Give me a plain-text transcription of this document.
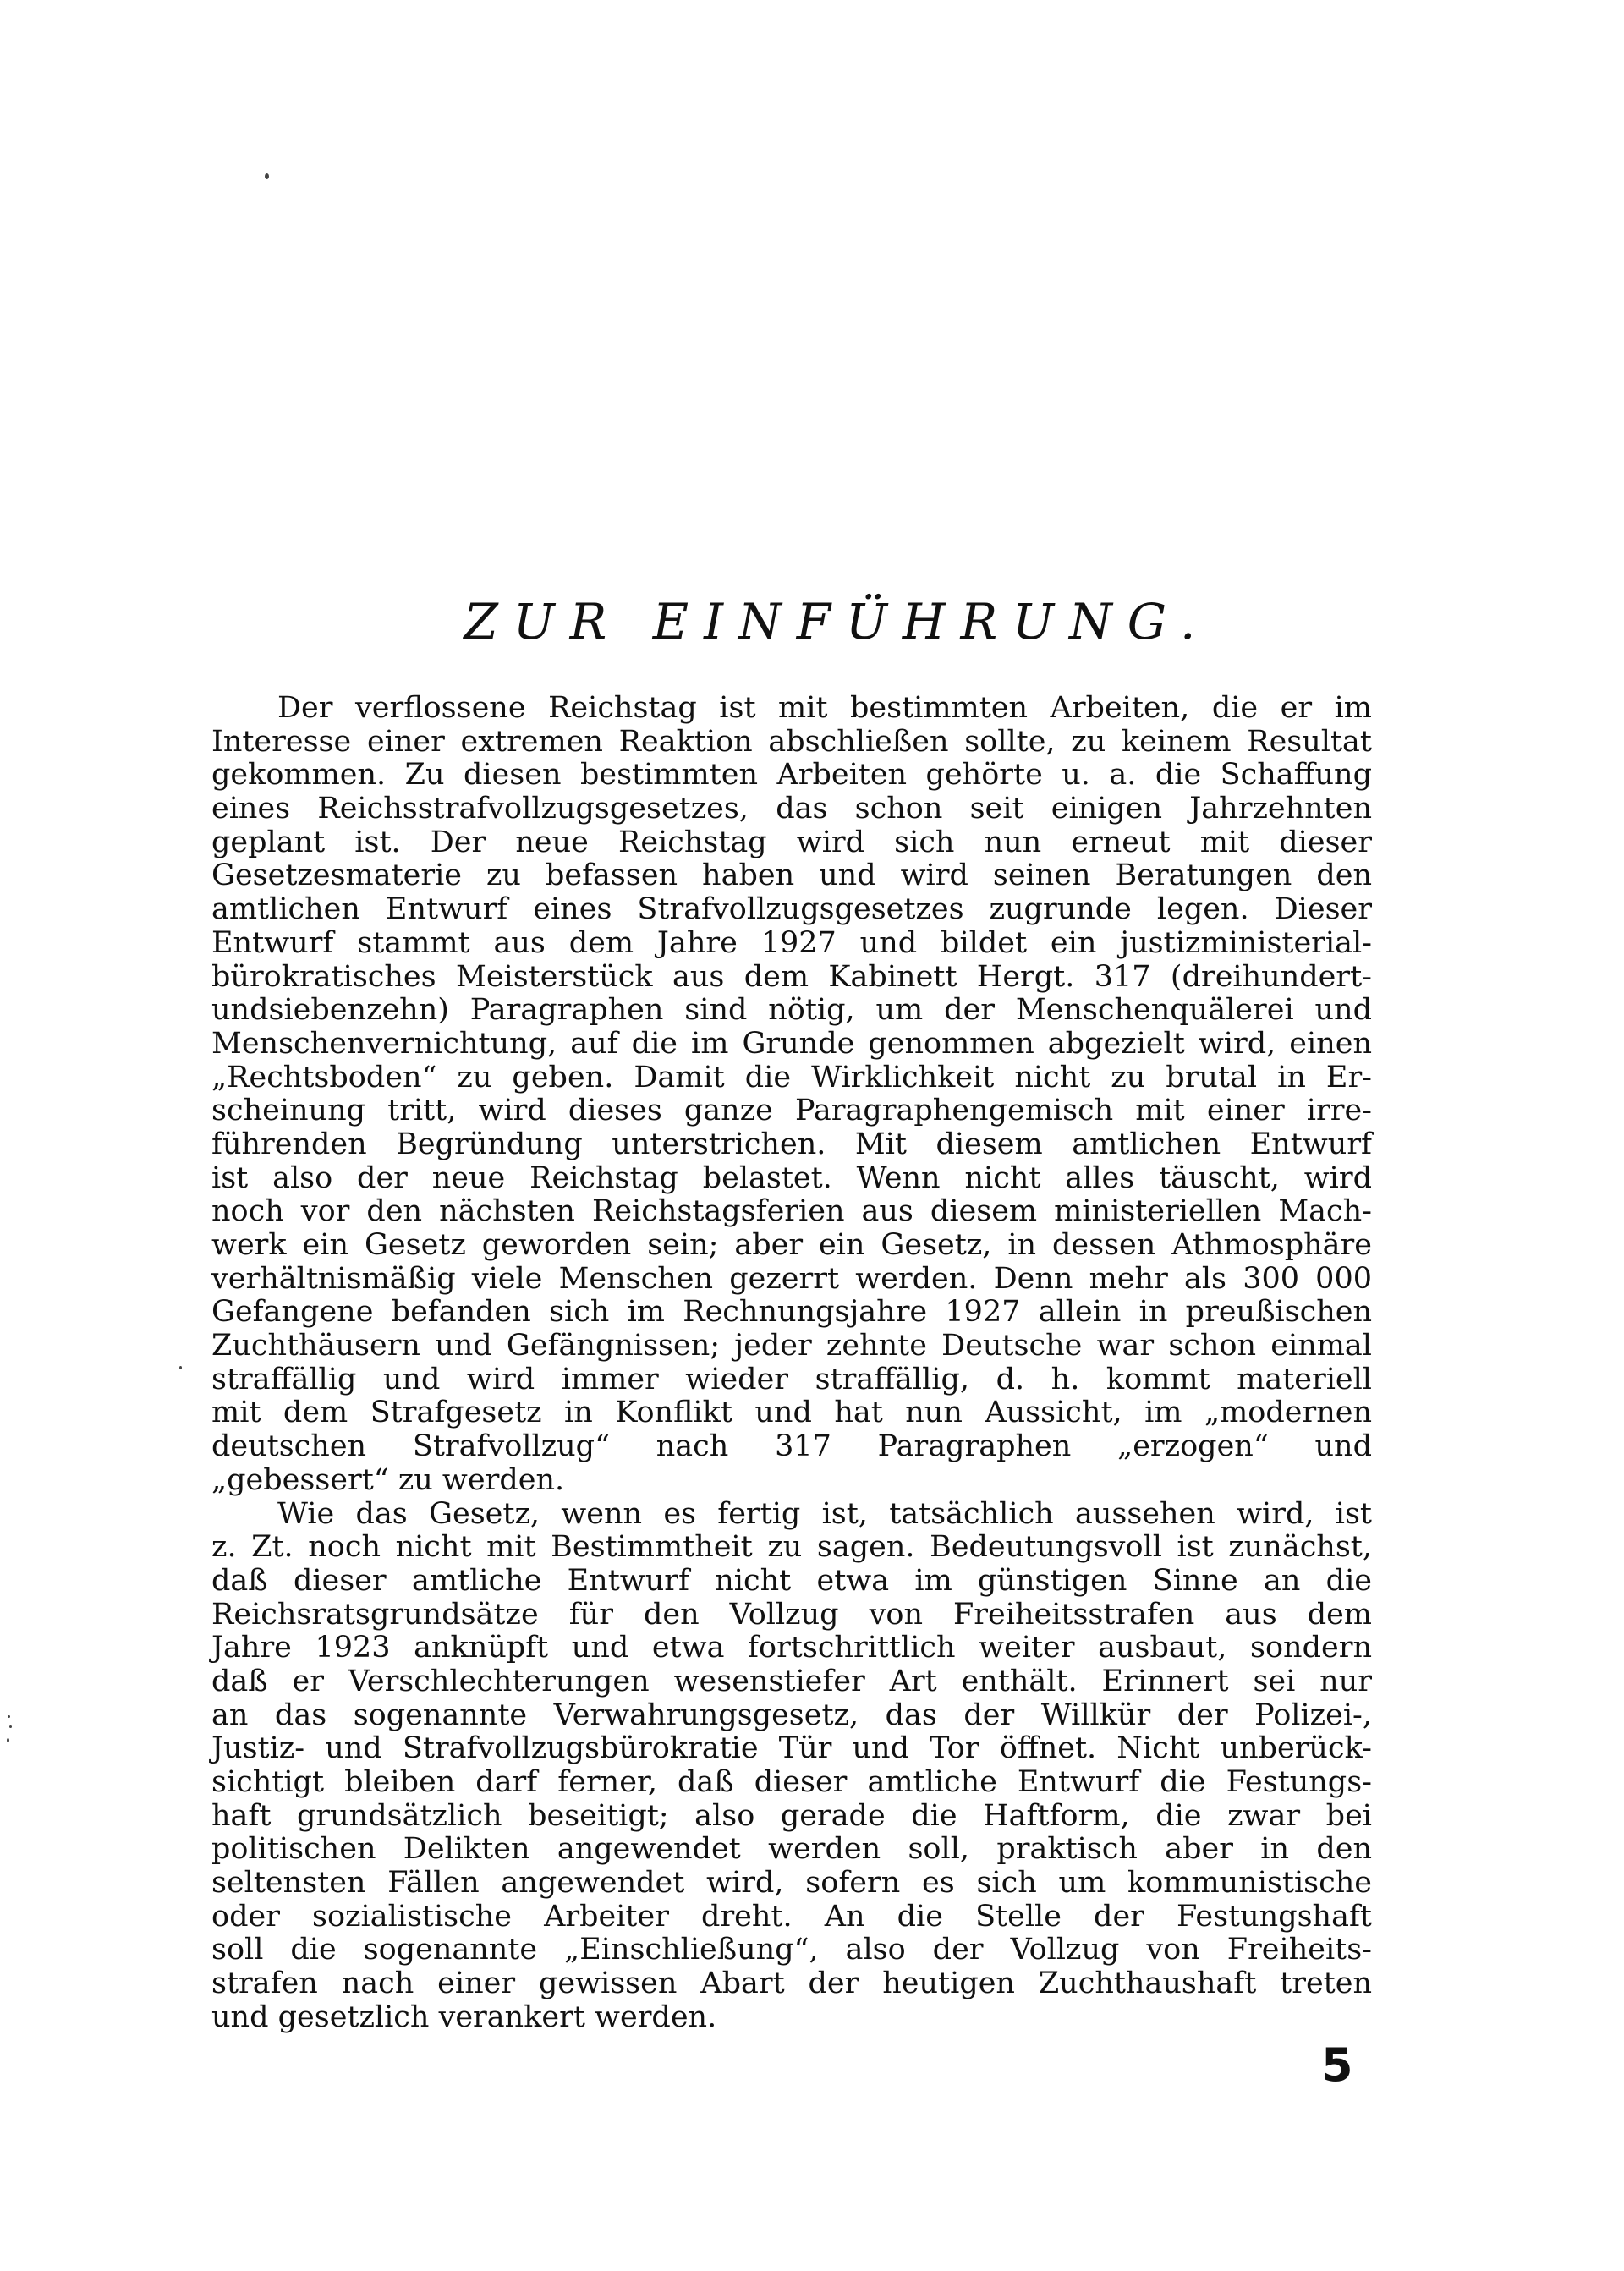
ZUR EINFÜHRUNG.
Der verflossene Reichstag ist mit bestimmten Arbeiten, die er im
Interesse einer extremen Reaktion abschließen sollte, zu keinem Resultat
gekommen. Zu diesen bestimmten Arbeiten gehörte u. a. die Schaffung
eines Reichsstrafvollzugsgesetzes, das schon seit einigen Jahrzehnten
geplant ist. Der neue Reichstag wird sich nun erneut mit dieser
Gesetzesmaterie zu befassen haben und wird seinen Beratungen den
amtlichen Entwurf eines Strafvollzugsgesetzes zugrunde legen. Dieser
Entwurf stammt aus dem Jahre 1927 und bildet ein justizministerial-
bürokratisches Meisterstück aus dem Kabinett Hergt. 317 (dreihundert-
undsiebenzehn) Paragraphen sind nötig, um der Menschenquälerei und
Menschenvernichtung, auf die im Grunde genommen abgezielt wird, einen
„Rechtsboden“ zu geben. Damit die Wirklichkeit nicht zu brutal in Er-
scheinung tritt, wird dieses ganze Paragraphengemisch mit einer irre-
führenden Begründung unterstrichen. Mit diesem amtlichen Entwurf
ist also der neue Reichstag belastet. Wenn nicht alles täuscht, wird
noch vor den nächsten Reichstagsferien aus diesem ministeriellen Mach-
werk ein Gesetz geworden sein; aber ein Gesetz, in dessen Athmosphäre
verhältnismäßig viele Menschen gezerrt werden. Denn mehr als 300 000
Gefangene befanden sich im Rechnungsjahre 1927 allein in preußischen
Zuchthäusern und Gefängnissen; jeder zehnte Deutsche war schon einmal
straffällig und wird immer wieder straffällig, d. h. kommt materiell
mit dem Strafgesetz in Konflikt und hat nun Aussicht, im „modernen
deutschen Strafvollzug“ nach 317 Paragraphen „erzogen“ und
„gebessert“ zu werden.
Wie das Gesetz, wenn es fertig ist, tatsächlich aussehen wird, ist
z. Zt. noch nicht mit Bestimmtheit zu sagen. Bedeutungsvoll ist zunächst,
daß dieser amtliche Entwurf nicht etwa im günstigen Sinne an die
Reichsratsgrundsätze für den Vollzug von Freiheitsstrafen aus dem
Jahre 1923 anknüpft und etwa fortschrittlich weiter ausbaut, sondern
daß er Verschlechterungen wesenstiefer Art enthält. Erinnert sei nur
an das sogenannte Verwahrungsgesetz, das der Willkür der Polizei-,
Justiz- und Strafvollzugsbürokratie Tür und Tor öffnet. Nicht unberück-
sichtigt bleiben darf ferner, daß dieser amtliche Entwurf die Festungs-
haft grundsätzlich beseitigt; also gerade die Haftform, die zwar bei
politischen Delikten angewendet werden soll, praktisch aber in den
seltensten Fällen angewendet wird, sofern es sich um kommunistische
oder sozialistische Arbeiter dreht. An die Stelle der Festungshaft
soll die sogenannte „Einschließung“, also der Vollzug von Freiheits-
strafen nach einer gewissen Abart der heutigen Zuchthaushaft treten
und gesetzlich verankert werden.
5
